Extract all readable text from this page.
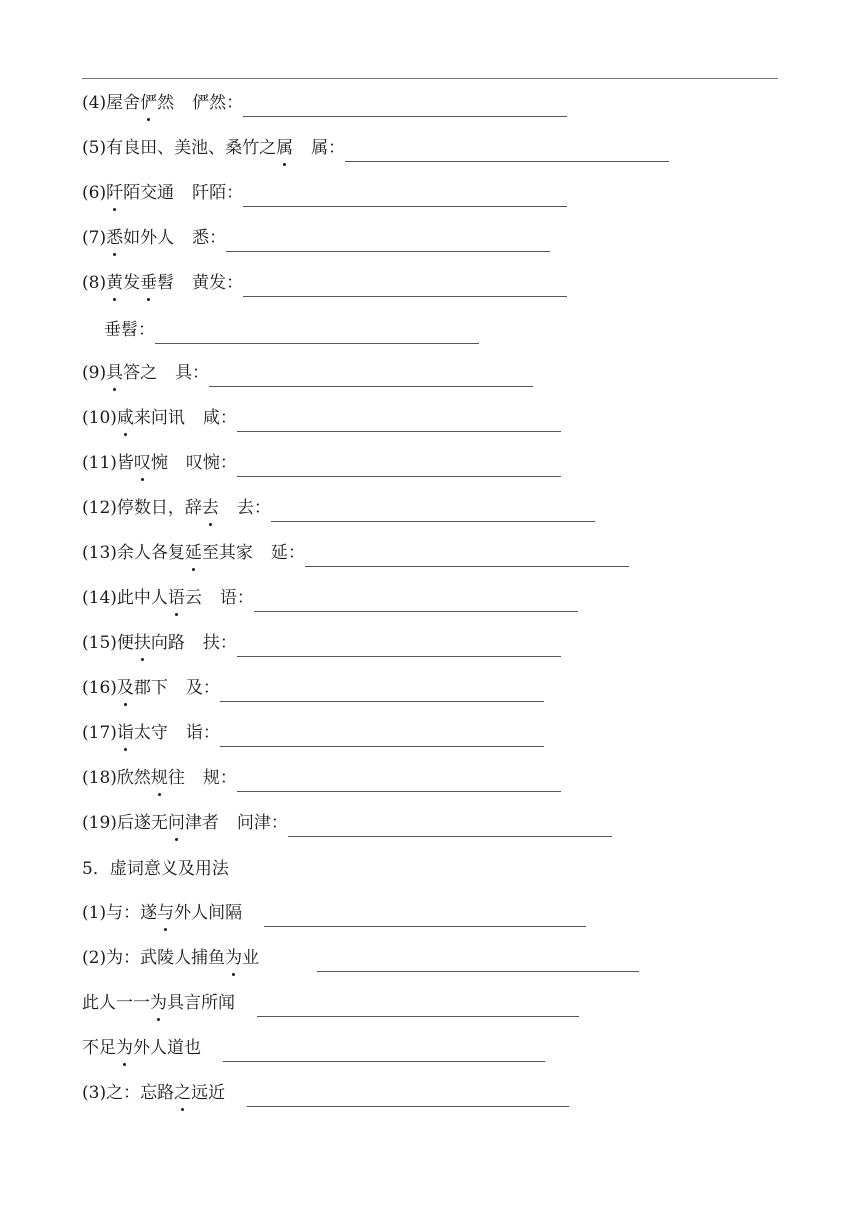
(4) 屋舍 俨 然 俨然：
(5) 有良田、美池、桑竹之 属 属：
(6) 阡 陌交通 阡陌：
(7) 悉 如外人 悉：
(8) 黄 发 垂 髫 黄发：
垂髫：
(9) 具 答之 具：
(10) 咸 来问讯 咸：
(11) 皆 叹 惋 叹惋：
(12) 停数日，辞 去 去：
(13) 余人各复 延 至其家 延：
(14) 此中人 语 云 语：
(15) 便 扶 向路 扶：
(16) 及 郡下 及：
(17) 诣 太守 诣：
(18) 欣然 规 往 规：
(19) 后遂无 问 津者 问津：
5．虚词意义及用法
(1)与：遂 与 外人间隔
(2)为：武陵人捕鱼 为 业
此人一一 为 具言所闻
不足 为 外人道也
(3)之：忘路 之 远近
